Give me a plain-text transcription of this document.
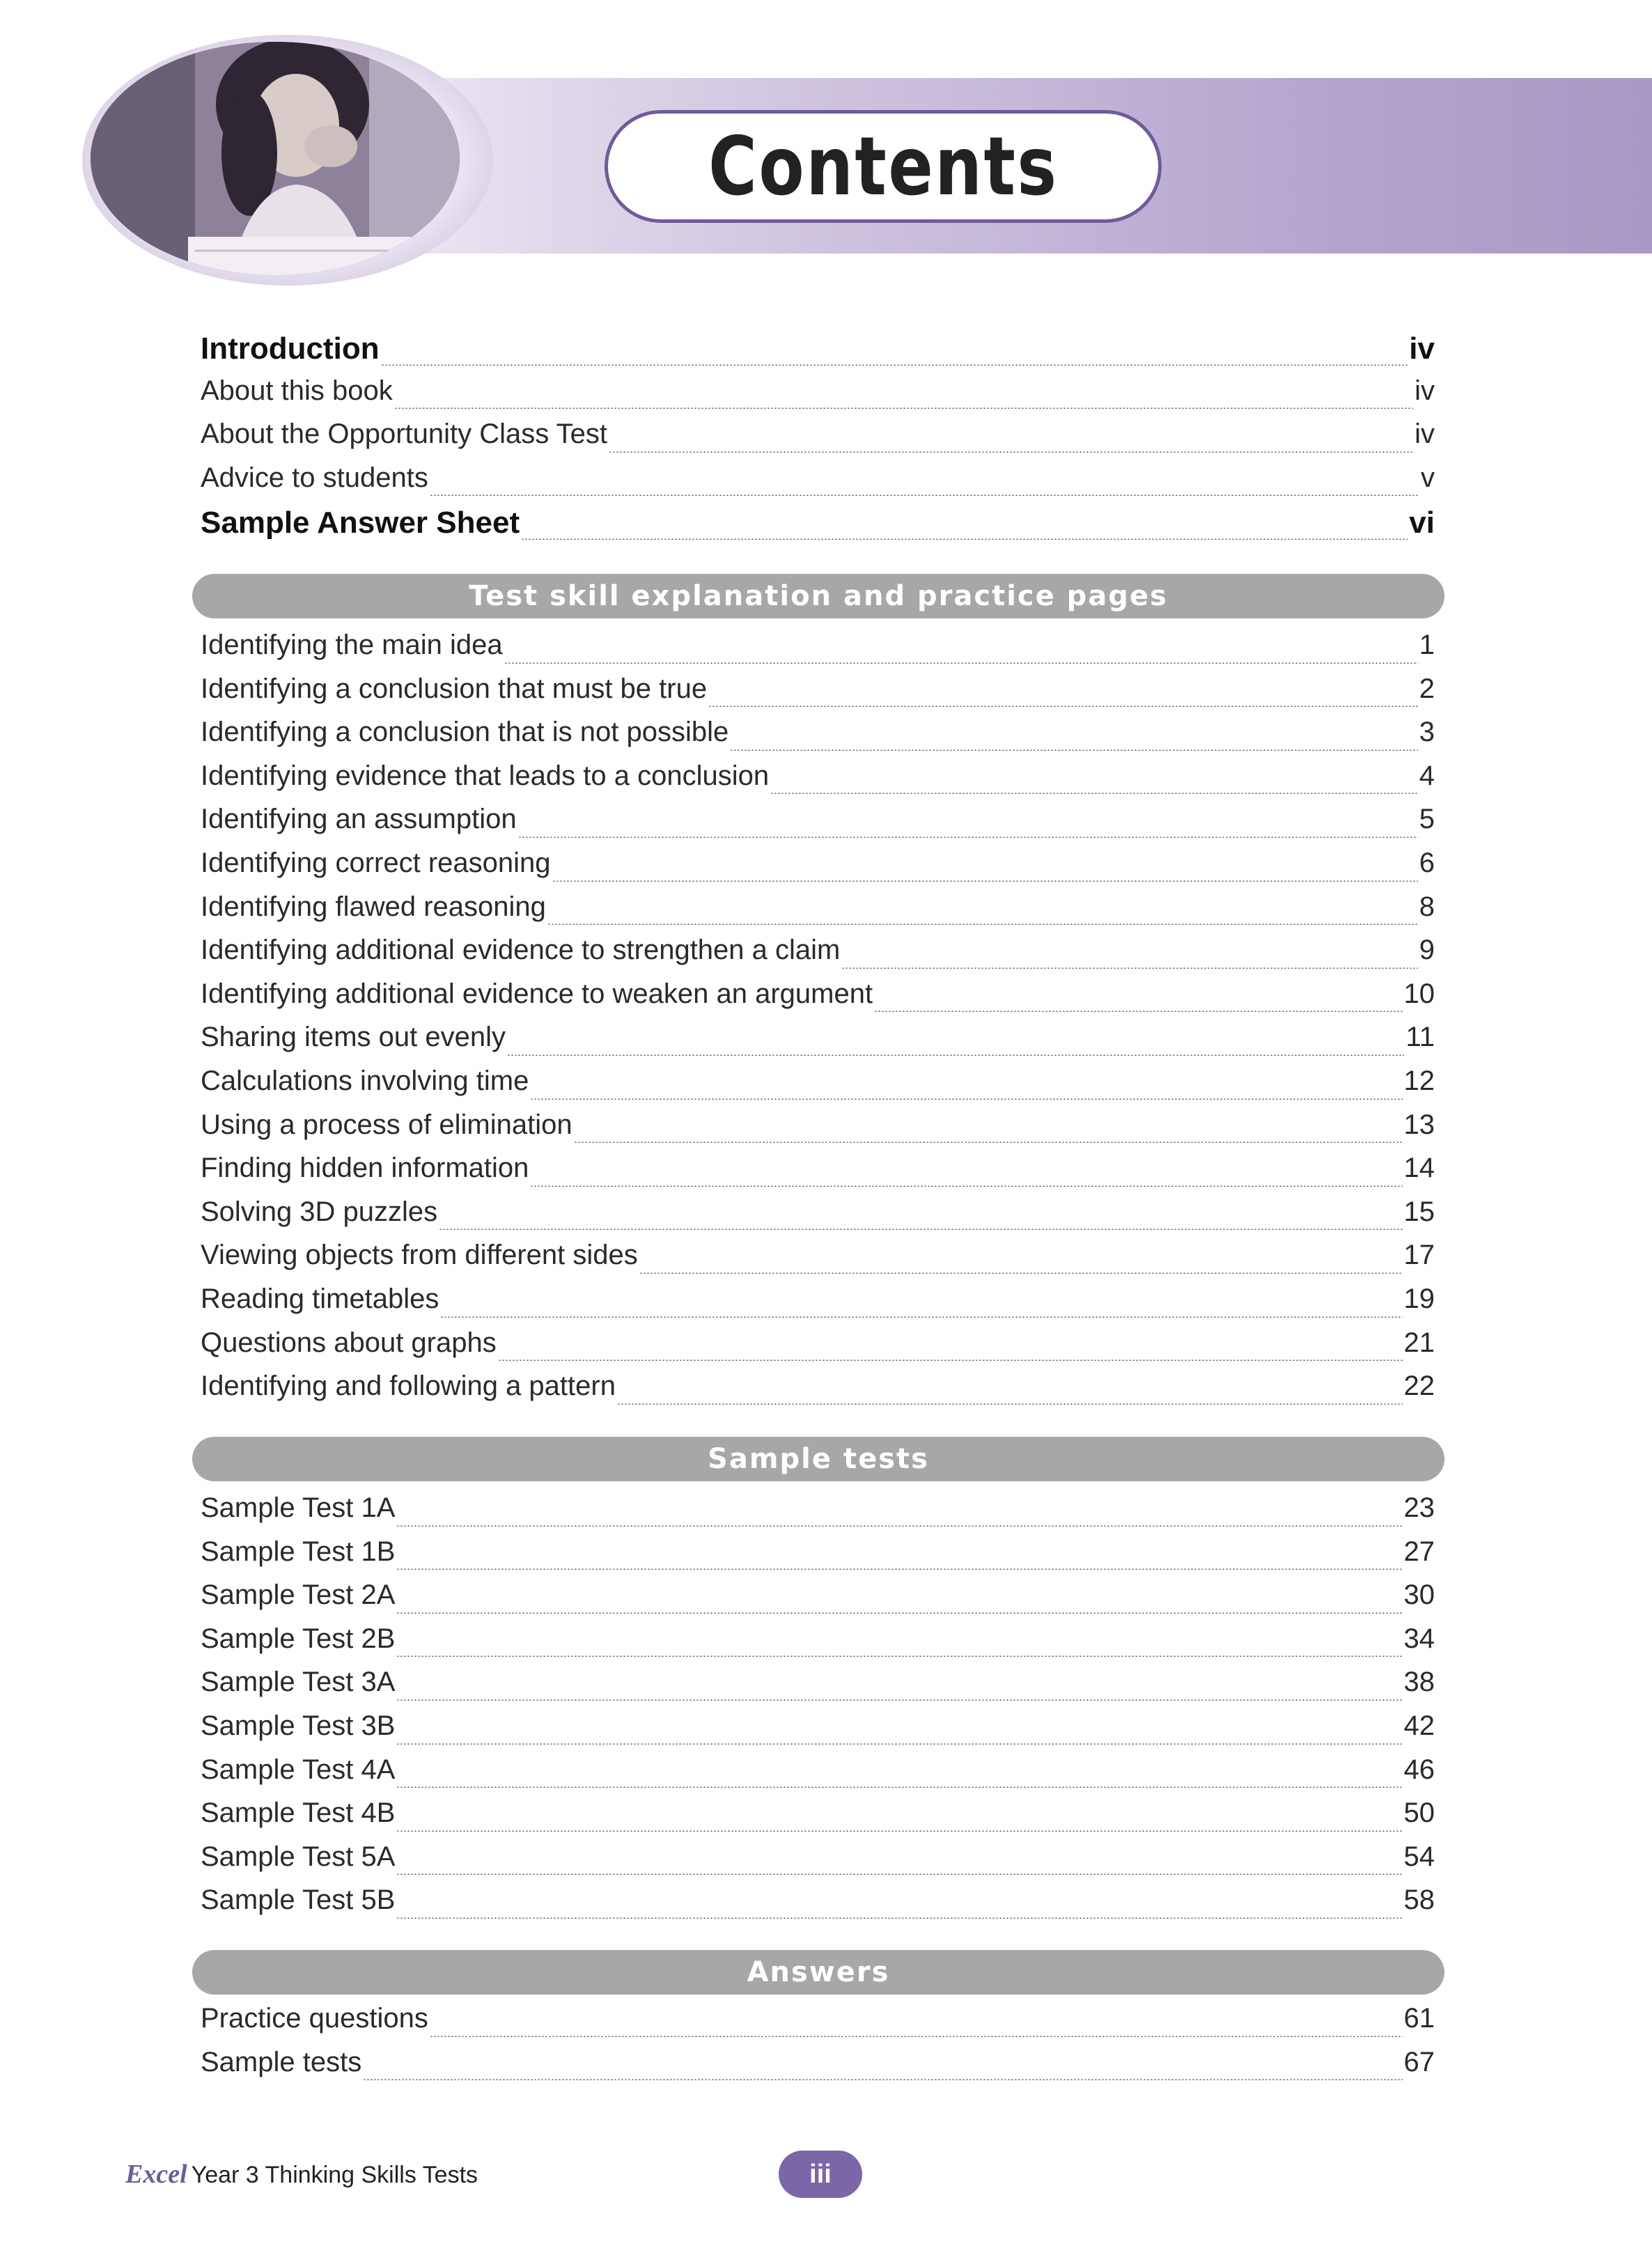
Contents
Introduction	iv
About this book	iv
About the Opportunity Class Test	iv
Advice to students	v
Sample Answer Sheet	vi
Test skill explanation and practice pages
Identifying the main idea	1
Identifying a conclusion that must be true	2
Identifying a conclusion that is not possible	3
Identifying evidence that leads to a conclusion	4
Identifying an assumption	5
Identifying correct reasoning	6
Identifying flawed reasoning	8
Identifying additional evidence to strengthen a claim	9
Identifying additional evidence to weaken an argument	10
Sharing items out evenly	11
Calculations involving time	12
Using a process of elimination	13
Finding hidden information	14
Solving 3D puzzles	15
Viewing objects from different sides	17
Reading timetables	19
Questions about graphs	21
Identifying and following a pattern	22
Sample tests
Sample Test 1A	23
Sample Test 1B	27
Sample Test 2A	30
Sample Test 2B	34
Sample Test 3A	38
Sample Test 3B	42
Sample Test 4A	46
Sample Test 4B	50
Sample Test 5A	54
Sample Test 5B	58
Answers
Practice questions	61
Sample tests	67
Excel Year 3 Thinking Skills Tests	iii
